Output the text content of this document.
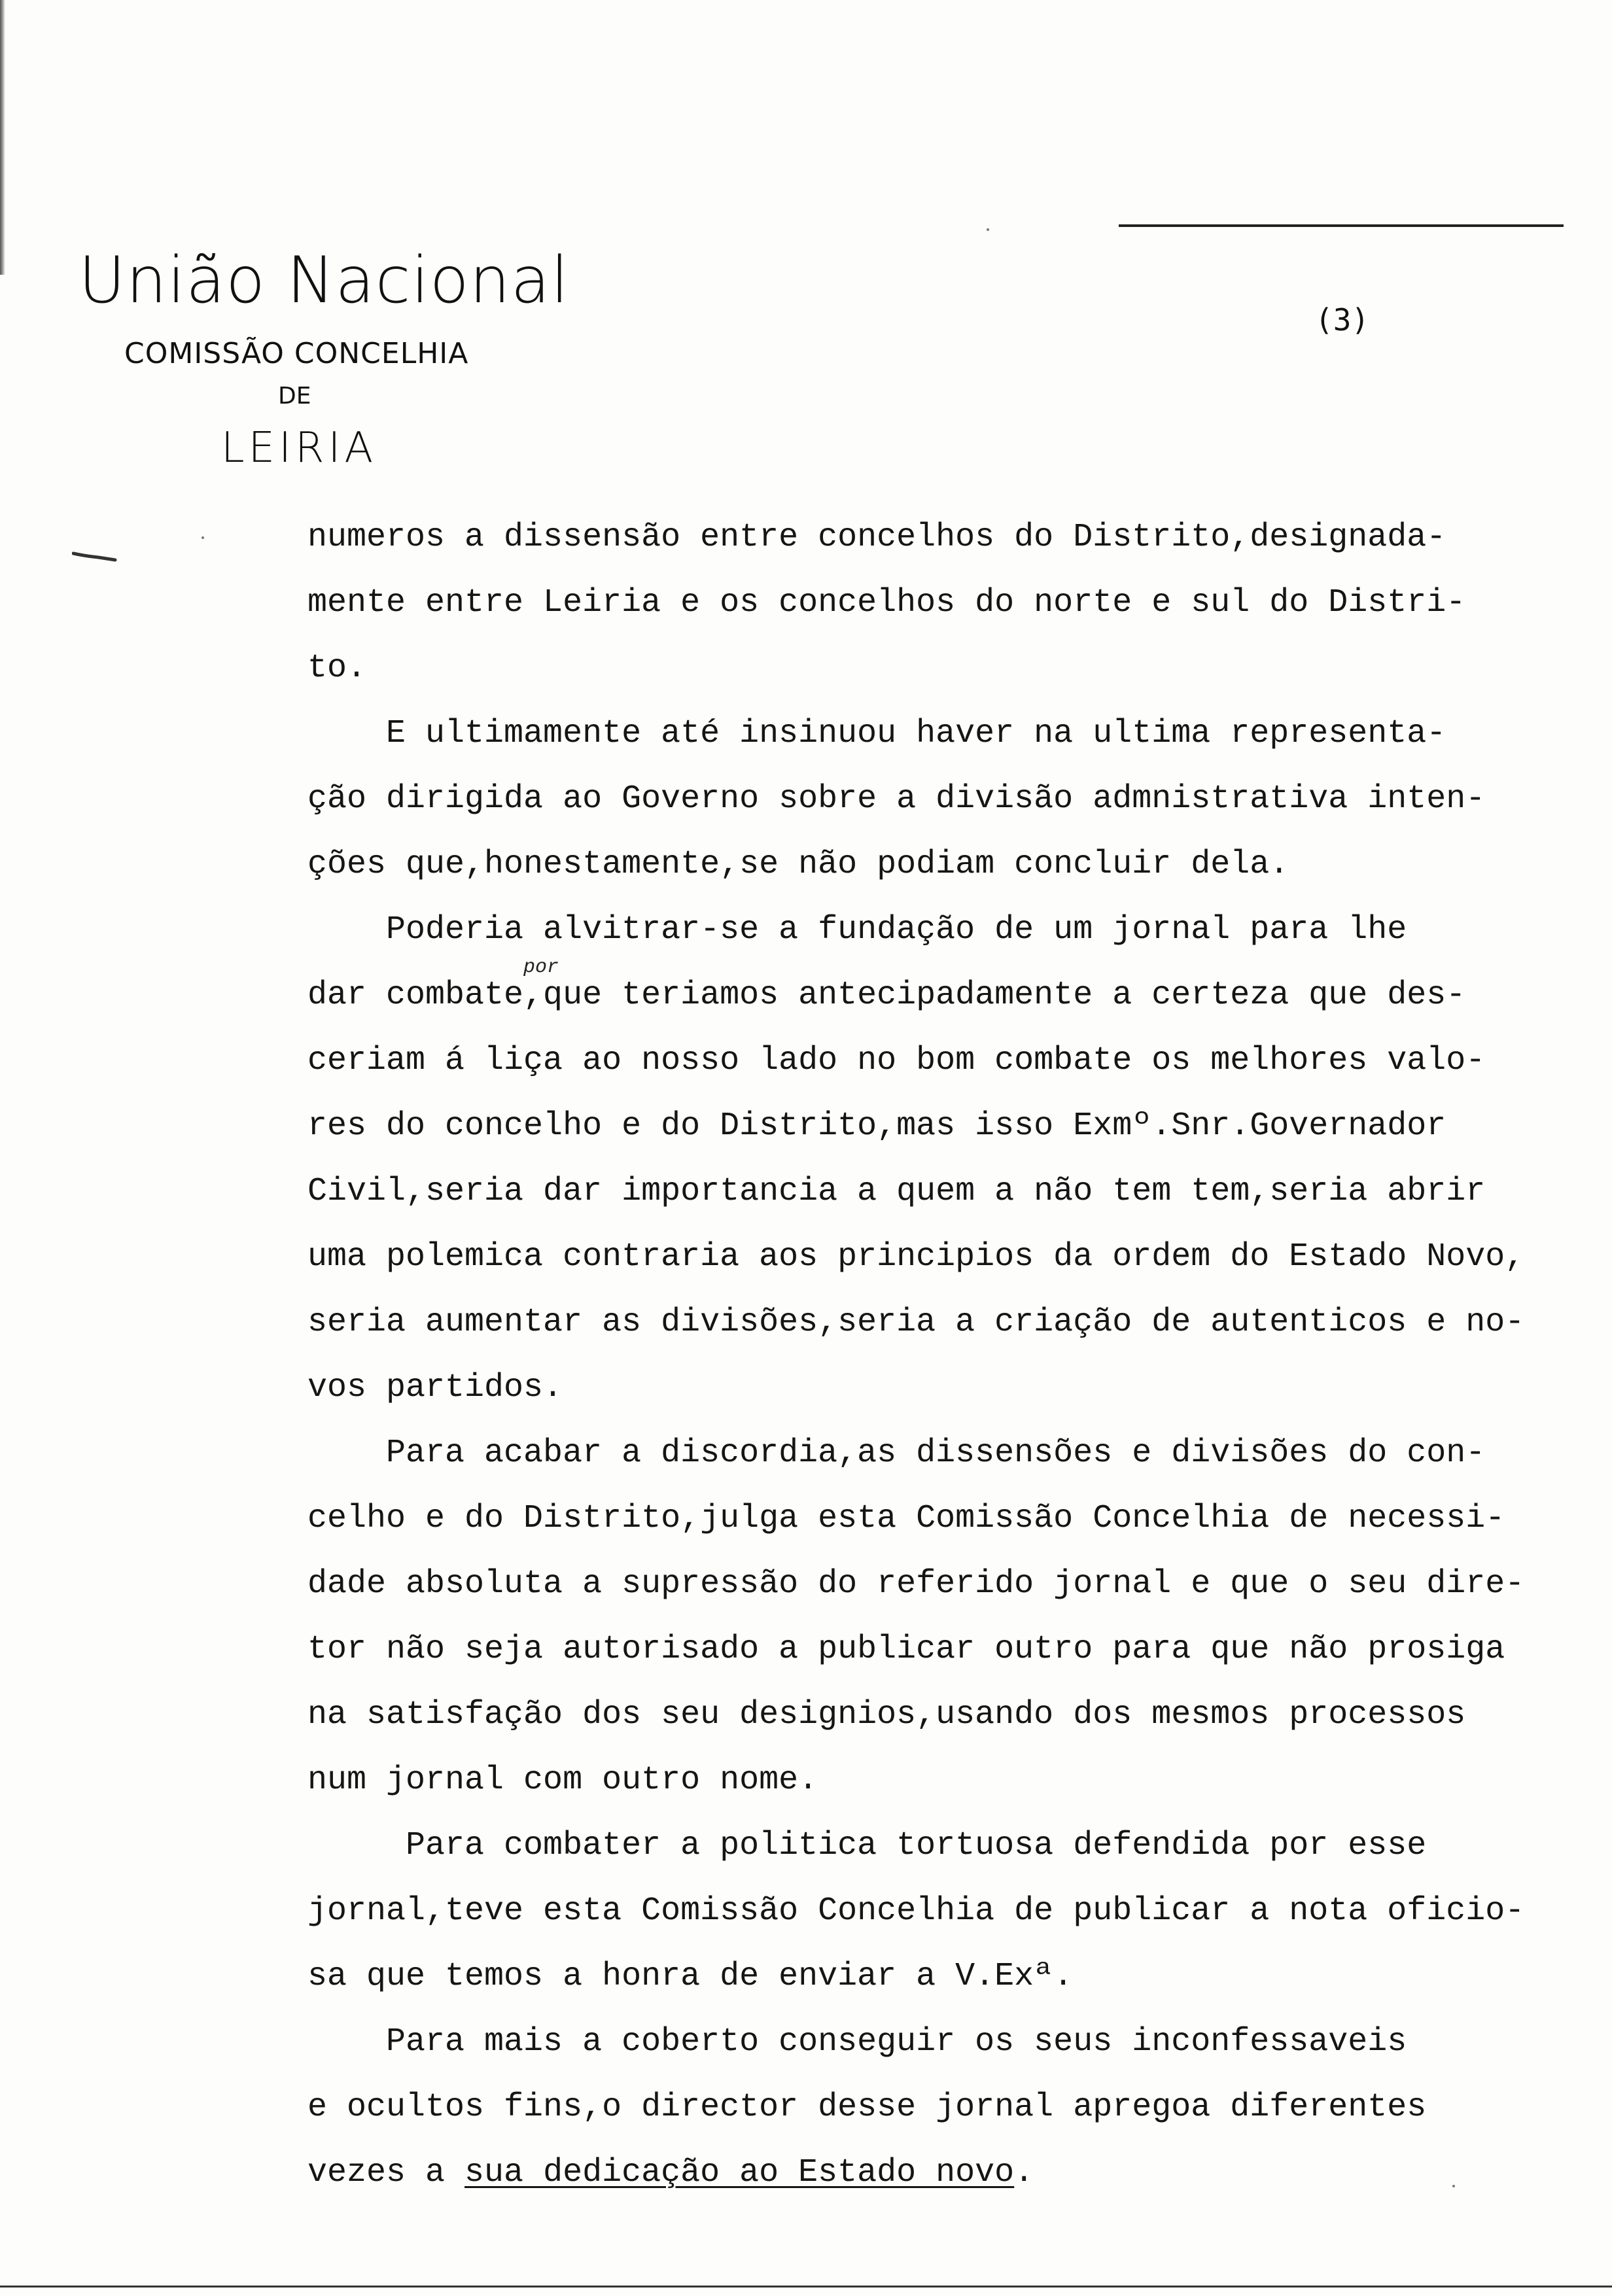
União Nacional
COMISSÃO CONCELHIA
DE
LEIRIA
(3)
por
numeros a dissensão entre concelhos do Distrito,designada-
mente entre Leiria e os concelhos do norte e sul do Distri-
to.
E ultimamente até insinuou haver na ultima representa-
ção dirigida ao Governo sobre a divisão admnistrativa inten-
ções que,honestamente,se não podiam concluir dela.
Poderia alvitrar-se a fundação de um jornal para lhe
dar combate,que teriamos antecipadamente a certeza que des-
ceriam á liça ao nosso lado no bom combate os melhores valo-
res do concelho e do Distrito,mas isso Exmº.Snr.Governador
Civil,seria dar importancia a quem a não tem tem,seria abrir
uma polemica contraria aos principios da ordem do Estado Novo,
seria aumentar as divisões,seria a criação de autenticos e no-
vos partidos.
Para acabar a discordia,as dissensões e divisões do con-
celho e do Distrito,julga esta Comissão Concelhia de necessi-
dade absoluta a supressão do referido jornal e que o seu dire-
tor não seja autorisado a publicar outro para que não prosiga
na satisfação dos seu designios,usando dos mesmos processos
num jornal com outro nome.
Para combater a politica tortuosa defendida por esse
jornal,teve esta Comissão Concelhia de publicar a nota oficio-
sa que temos a honra de enviar a V.Exª.
Para mais a coberto conseguir os seus inconfessaveis
e ocultos fins,o director desse jornal apregoa diferentes
vezes a sua dedicação ao Estado novo.
